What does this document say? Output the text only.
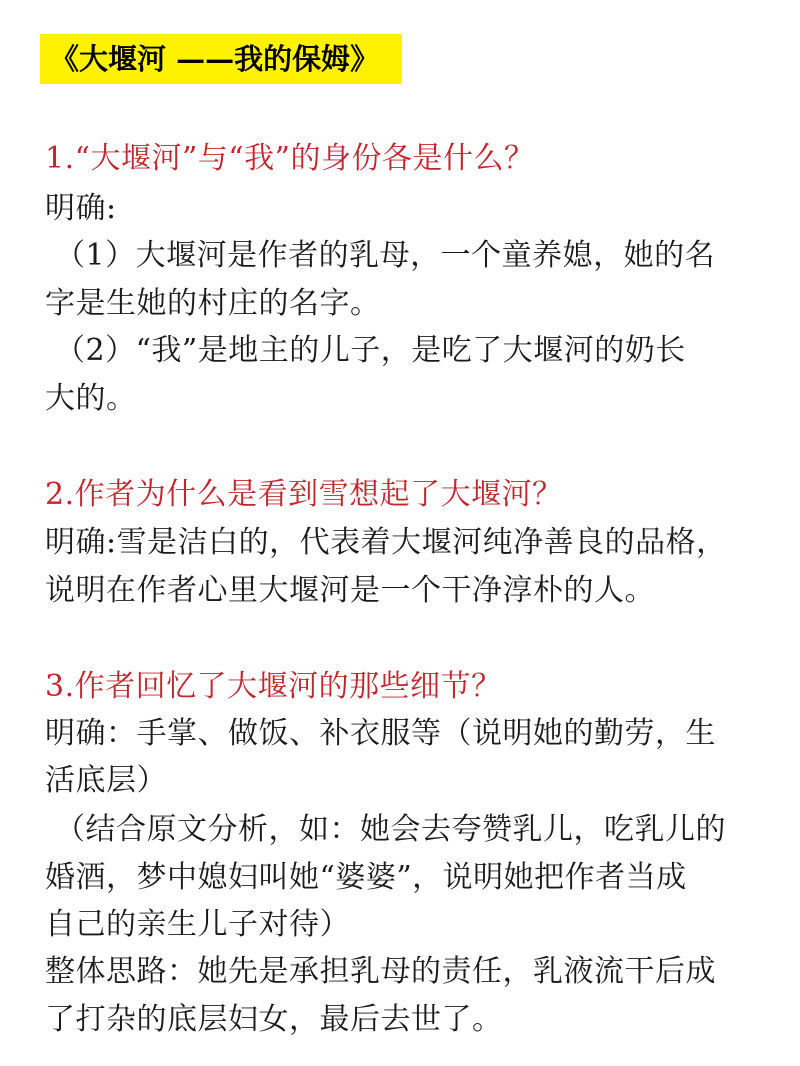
《大堰河 ——我的保姆》
1.“大堰河”与“我”的身份各是什么？
明确:
（1）大堰河是作者的乳母，一个童养媳，她的名
字是生她的村庄的名字。
（2）“我”是地主的儿子，是吃了大堰河的奶长
大的。
2.作者为什么是看到雪想起了大堰河？
明确:雪是洁白的，代表着大堰河纯净善良的品格，
说明在作者心里大堰河是一个干净淳朴的人。
3.作者回忆了大堰河的那些细节？
明确：手掌、做饭、补衣服等（说明她的勤劳，生
活底层）
（结合原文分析，如：她会去夸赞乳儿，吃乳儿的
婚酒，梦中媳妇叫她“婆婆”，说明她把作者当成
自己的亲生儿子对待）
整体思路：她先是承担乳母的责任，乳液流干后成
了打杂的底层妇女，最后去世了。
